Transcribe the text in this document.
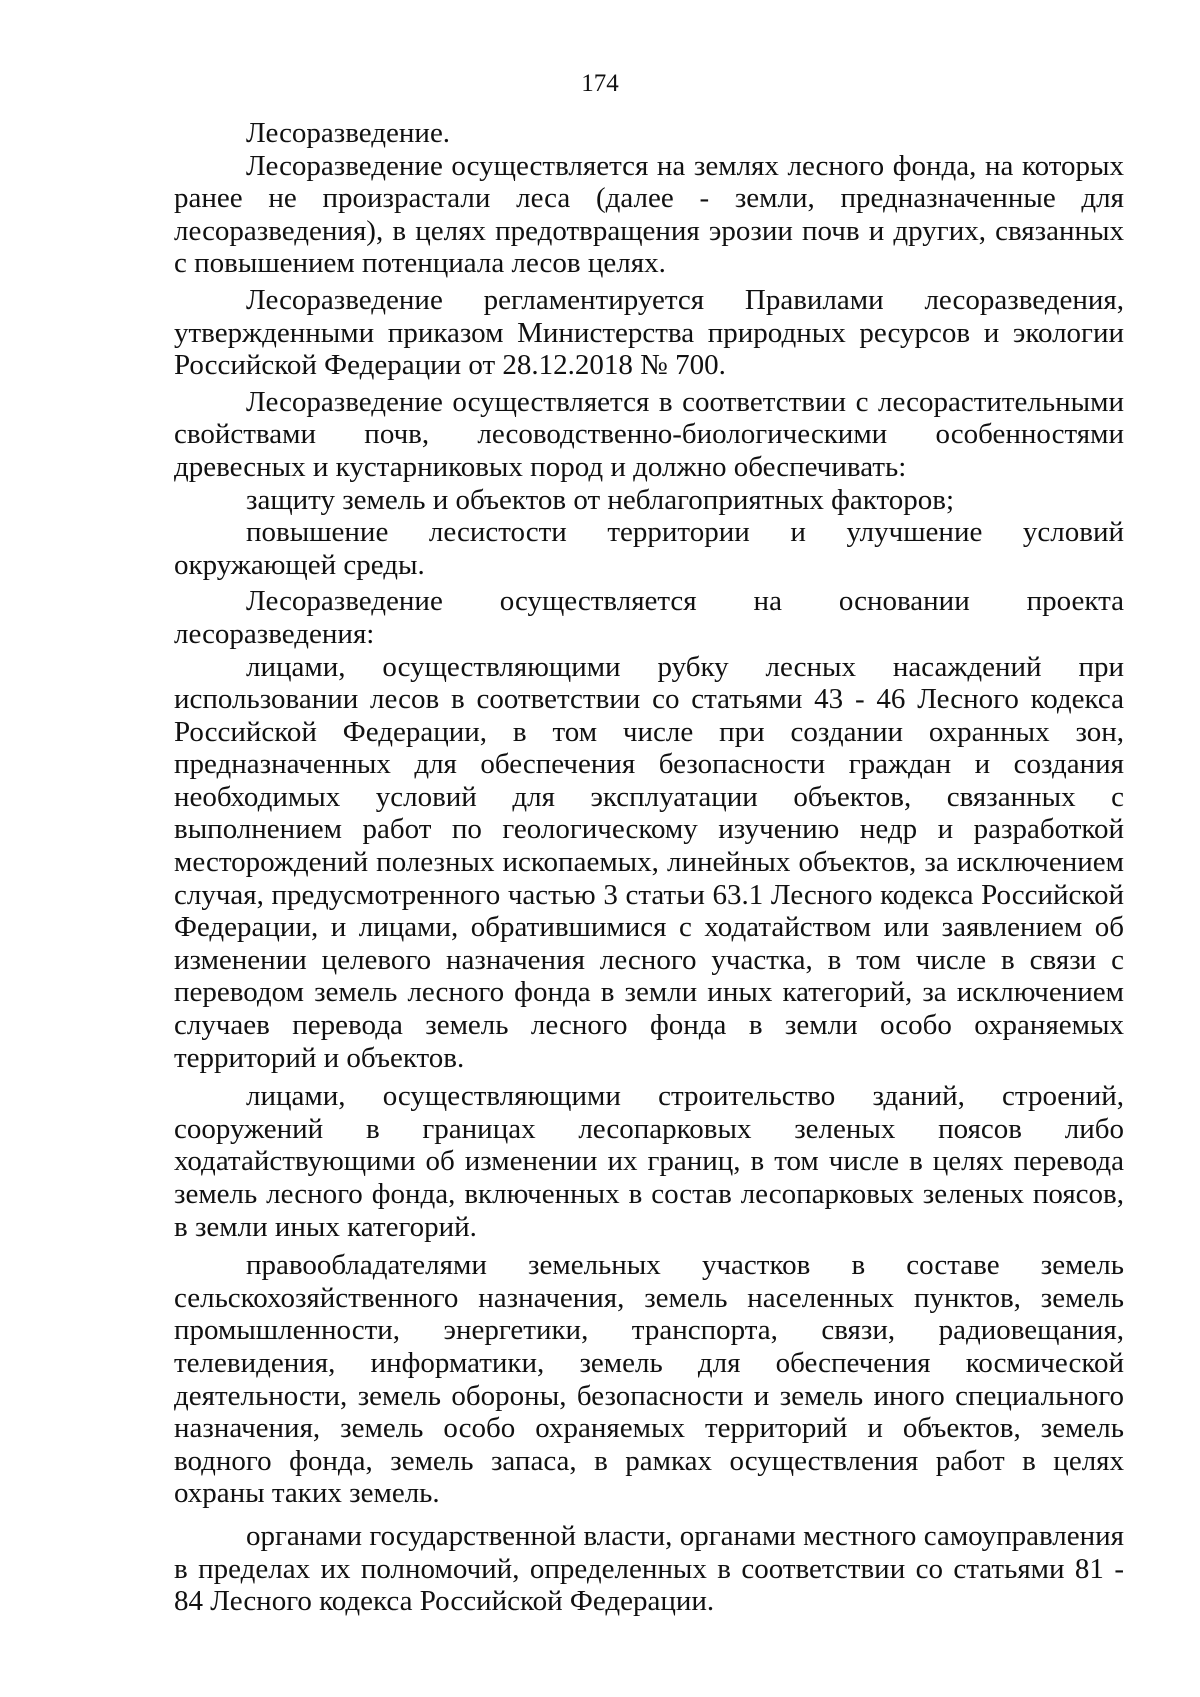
174

Лесоразведение.

Лесоразведение осуществляется на землях лесного фонда, на которых ранее не произрастали леса (далее - земли, предназначенные для лесоразведения), в целях предотвращения эрозии почв и других, связанных с повышением потенциала лесов целях.

Лесоразведение регламентируется Правилами лесоразведения, утвержденными приказом Министерства природных ресурсов и экологии Российской Федерации от 28.12.2018 № 700.

Лесоразведение осуществляется в соответствии с лесорастительными свойствами почв, лесоводственно-биологическими особенностями древесных и кустарниковых пород и должно обеспечивать:

защиту земель и объектов от неблагоприятных факторов;

повышение лесистости территории и улучшение условий окружающей среды.

Лесоразведение осуществляется на основании проекта лесоразведения:

лицами, осуществляющими рубку лесных насаждений при использовании лесов в соответствии со статьями 43 - 46 Лесного кодекса Российской Федерации, в том числе при создании охранных зон, предназначенных для обеспечения безопасности граждан и создания необходимых условий для эксплуатации объектов, связанных с выполнением работ по геологическому изучению недр и разработкой месторождений полезных ископаемых, линейных объектов, за исключением случая, предусмотренного частью 3 статьи 63.1 Лесного кодекса Российской Федерации, и лицами, обратившимися с ходатайством или заявлением об изменении целевого назначения лесного участка, в том числе в связи с переводом земель лесного фонда в земли иных категорий, за исключением случаев перевода земель лесного фонда в земли особо охраняемых территорий и объектов.

лицами, осуществляющими строительство зданий, строений, сооружений в границах лесопарковых зеленых поясов либо ходатайствующими об изменении их границ, в том числе в целях перевода земель лесного фонда, включенных в состав лесопарковых зеленых поясов, в земли иных категорий.

правообладателями земельных участков в составе земель сельскохозяйственного назначения, земель населенных пунктов, земель промышленности, энергетики, транспорта, связи, радиовещания, телевидения, информатики, земель для обеспечения космической деятельности, земель обороны, безопасности и земель иного специального назначения, земель особо охраняемых территорий и объектов, земель водного фонда, земель запаса, в рамках осуществления работ в целях охраны таких земель.

органами государственной власти, органами местного самоуправления в пределах их полномочий, определенных в соответствии со статьями 81 - 84 Лесного кодекса Российской Федерации.
